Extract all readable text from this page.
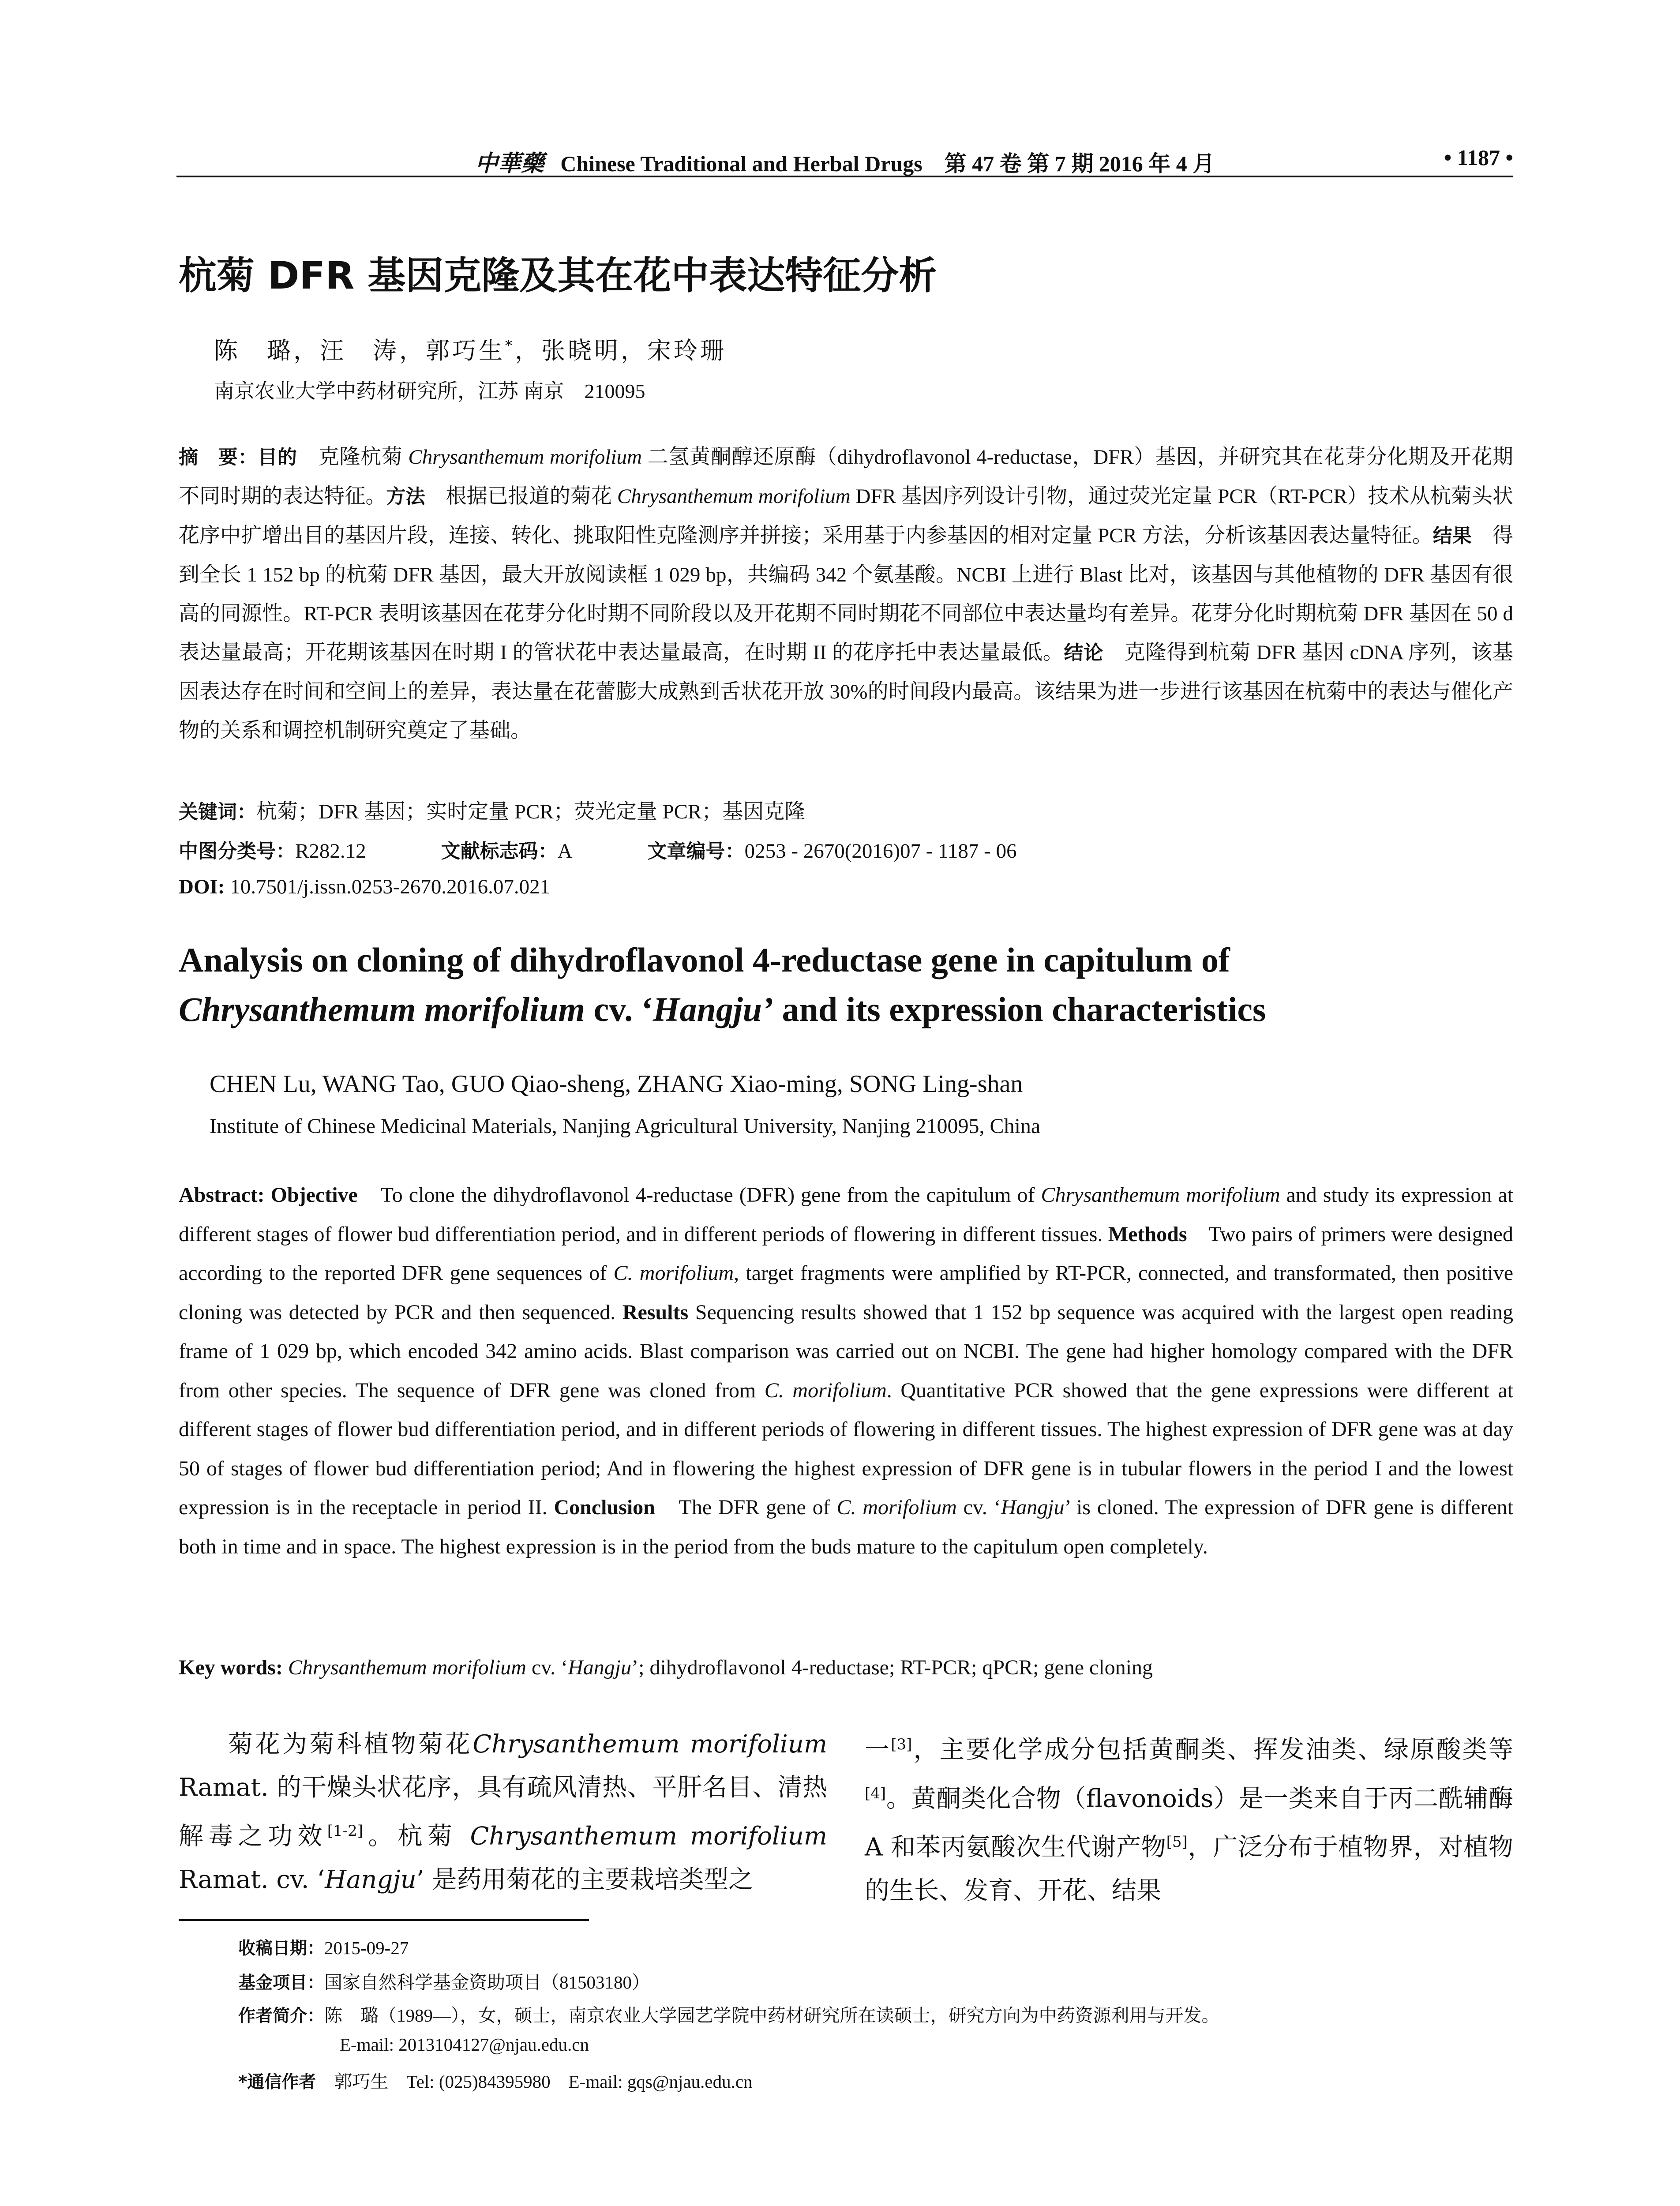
中華藥 Chinese Traditional and Herbal Drugs　第 47 卷 第 7 期 2016 年 4 月	• 1187 •
杭菊 DFR 基因克隆及其在花中表达特征分析
陈　璐，汪　涛，郭巧生*，张晓明，宋玲珊
南京农业大学中药材研究所，江苏 南京　210095
摘　要：目的　克隆杭菊 Chrysanthemum morifolium 二氢黄酮醇还原酶（dihydroflavonol 4-reductase，DFR）基因，并研究其在花芽分化期及开花期不同时期的表达特征。方法　根据已报道的菊花 Chrysanthemum morifolium DFR 基因序列设计引物，通过荧光定量 PCR（RT-PCR）技术从杭菊头状花序中扩增出目的基因片段，连接、转化、挑取阳性克隆测序并拼接；采用基于内参基因的相对定量 PCR 方法，分析该基因表达量特征。结果　得到全长 1 152 bp 的杭菊 DFR 基因，最大开放阅读框 1 029 bp，共编码 342 个氨基酸。NCBI 上进行 Blast 比对，该基因与其他植物的 DFR 基因有很高的同源性。RT-PCR 表明该基因在花芽分化时期不同阶段以及开花期不同时期花不同部位中表达量均有差异。花芽分化时期杭菊 DFR 基因在 50 d 表达量最高；开花期该基因在时期 I 的管状花中表达量最高，在时期 II 的花序托中表达量最低。结论　克隆得到杭菊 DFR 基因 cDNA 序列，该基因表达存在时间和空间上的差异，表达量在花蕾膨大成熟到舌状花开放 30%的时间段内最高。该结果为进一步进行该基因在杭菊中的表达与催化产物的关系和调控机制研究奠定了基础。
关键词：杭菊；DFR 基因；实时定量 PCR；荧光定量 PCR；基因克隆
中图分类号：R282.12	文献标志码：A	文章编号：0253 - 2670(2016)07 - 1187 - 06
DOI: 10.7501/j.issn.0253-2670.2016.07.021
Analysis on cloning of dihydroflavonol 4-reductase gene in capitulum of
Chrysanthemum morifolium cv. ‘Hangju’ and its expression characteristics
CHEN Lu, WANG Tao, GUO Qiao-sheng, ZHANG Xiao-ming, SONG Ling-shan
Institute of Chinese Medicinal Materials, Nanjing Agricultural University, Nanjing 210095, China
Abstract: Objective　To clone the dihydroflavonol 4-reductase (DFR) gene from the capitulum of Chrysanthemum morifolium and study its expression at different stages of flower bud differentiation period, and in different periods of flowering in different tissues. Methods　Two pairs of primers were designed according to the reported DFR gene sequences of C. morifolium, target fragments were amplified by RT-PCR, connected, and transformated, then positive cloning was detected by PCR and then sequenced. Results Sequencing results showed that 1 152 bp sequence was acquired with the largest open reading frame of 1 029 bp, which encoded 342 amino acids. Blast comparison was carried out on NCBI. The gene had higher homology compared with the DFR from other species. The sequence of DFR gene was cloned from C. morifolium. Quantitative PCR showed that the gene expressions were different at different stages of flower bud differentiation period, and in different periods of flowering in different tissues. The highest expression of DFR gene was at day 50 of stages of flower bud differentiation period; And in flowering the highest expression of DFR gene is in tubular flowers in the period I and the lowest expression is in the receptacle in period II. Conclusion　The DFR gene of C. morifolium cv. ‘Hangju’ is cloned. The expression of DFR gene is different both in time and in space. The highest expression is in the period from the buds mature to the capitulum open completely.
Key words: Chrysanthemum morifolium cv. ‘Hangju’; dihydroflavonol 4-reductase; RT-PCR; qPCR; gene cloning
菊花为菊科植物菊花Chrysanthemum morifolium Ramat. 的干燥头状花序，具有疏风清热、平肝名目、清热解毒之功效[1-2]。杭菊 Chrysanthemum morifolium Ramat. cv. ‘Hangju’ 是药用菊花的主要栽培类型之
一[3]，主要化学成分包括黄酮类、挥发油类、绿原酸类等[4]。黄酮类化合物（flavonoids）是一类来自于丙二酰辅酶 A 和苯丙氨酸次生代谢产物[5]，广泛分布于植物界，对植物的生长、发育、开花、结果
收稿日期：2015-09-27
基金项目：国家自然科学基金资助项目（81503180）
作者简介：陈　璐（1989—），女，硕士，南京农业大学园艺学院中药材研究所在读硕士，研究方向为中药资源利用与开发。
E-mail: 2013104127@njau.edu.cn
*通信作者　郭巧生　Tel: (025)84395980　E-mail: gqs@njau.edu.cn
